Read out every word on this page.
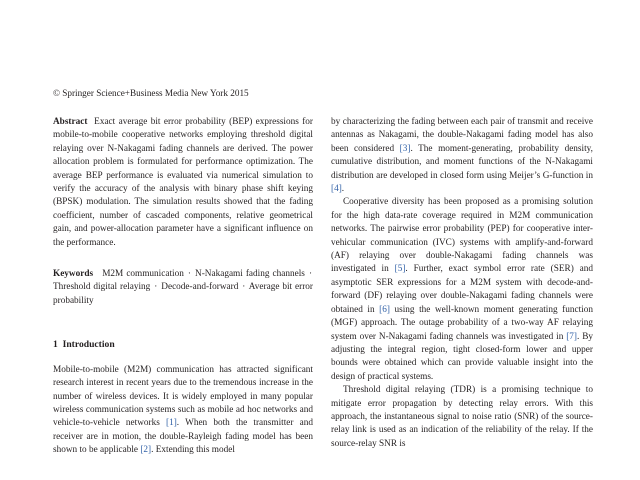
© Springer Science+Business Media New York 2015

Abstract Exact average bit error probability (BEP) expressions for mobile-to-mobile cooperative networks employing threshold digital relaying over N-Nakagami fading channels are derived. The power allocation problem is formulated for performance optimization. The average BEP performance is evaluated via numerical simulation to verify the accuracy of the analysis with binary phase shift keying (BPSK) modulation. The simulation results showed that the fading coefficient, number of cascaded components, relative geometrical gain, and power-allocation parameter have a significant influence on the performance.

Keywords M2M communication · N-Nakagami fading channels · Threshold digital relaying · Decode-and-forward · Average bit error probability

1 Introduction

Mobile-to-mobile (M2M) communication has attracted significant research interest in recent years due to the tremendous increase in the number of wireless devices. It is widely employed in many popular wireless communication systems such as mobile ad hoc networks and vehicle-to-vehicle networks [1]. When both the transmitter and receiver are in motion, the double-Rayleigh fading model has been shown to be applicable [2]. Extending this model

by characterizing the fading between each pair of transmit and receive antennas as Nakagami, the double-Nakagami fading model has also been considered [3]. The moment-generating, probability density, cumulative distribution, and moment functions of the N-Nakagami distribution are developed in closed form using Meijer’s G-function in [4].

Cooperative diversity has been proposed as a promising solution for the high data-rate coverage required in M2M communication networks. The pairwise error probability (PEP) for cooperative inter-vehicular communication (IVC) systems with amplify-and-forward (AF) relaying over double-Nakagami fading channels was investigated in [5]. Further, exact symbol error rate (SER) and asymptotic SER expressions for a M2M system with decode-and-forward (DF) relaying over double-Nakagami fading channels were obtained in [6] using the well-known moment generating function (MGF) approach. The outage probability of a two-way AF relaying system over N-Nakagami fading channels was investigated in [7]. By adjusting the integral region, tight closed-form lower and upper bounds were obtained which can provide valuable insight into the design of practical systems.

Threshold digital relaying (TDR) is a promising technique to mitigate error propagation by detecting relay errors. With this approach, the instantaneous signal to noise ratio (SNR) of the source-relay link is used as an indication of the reliability of the relay. If the source-relay SNR is
